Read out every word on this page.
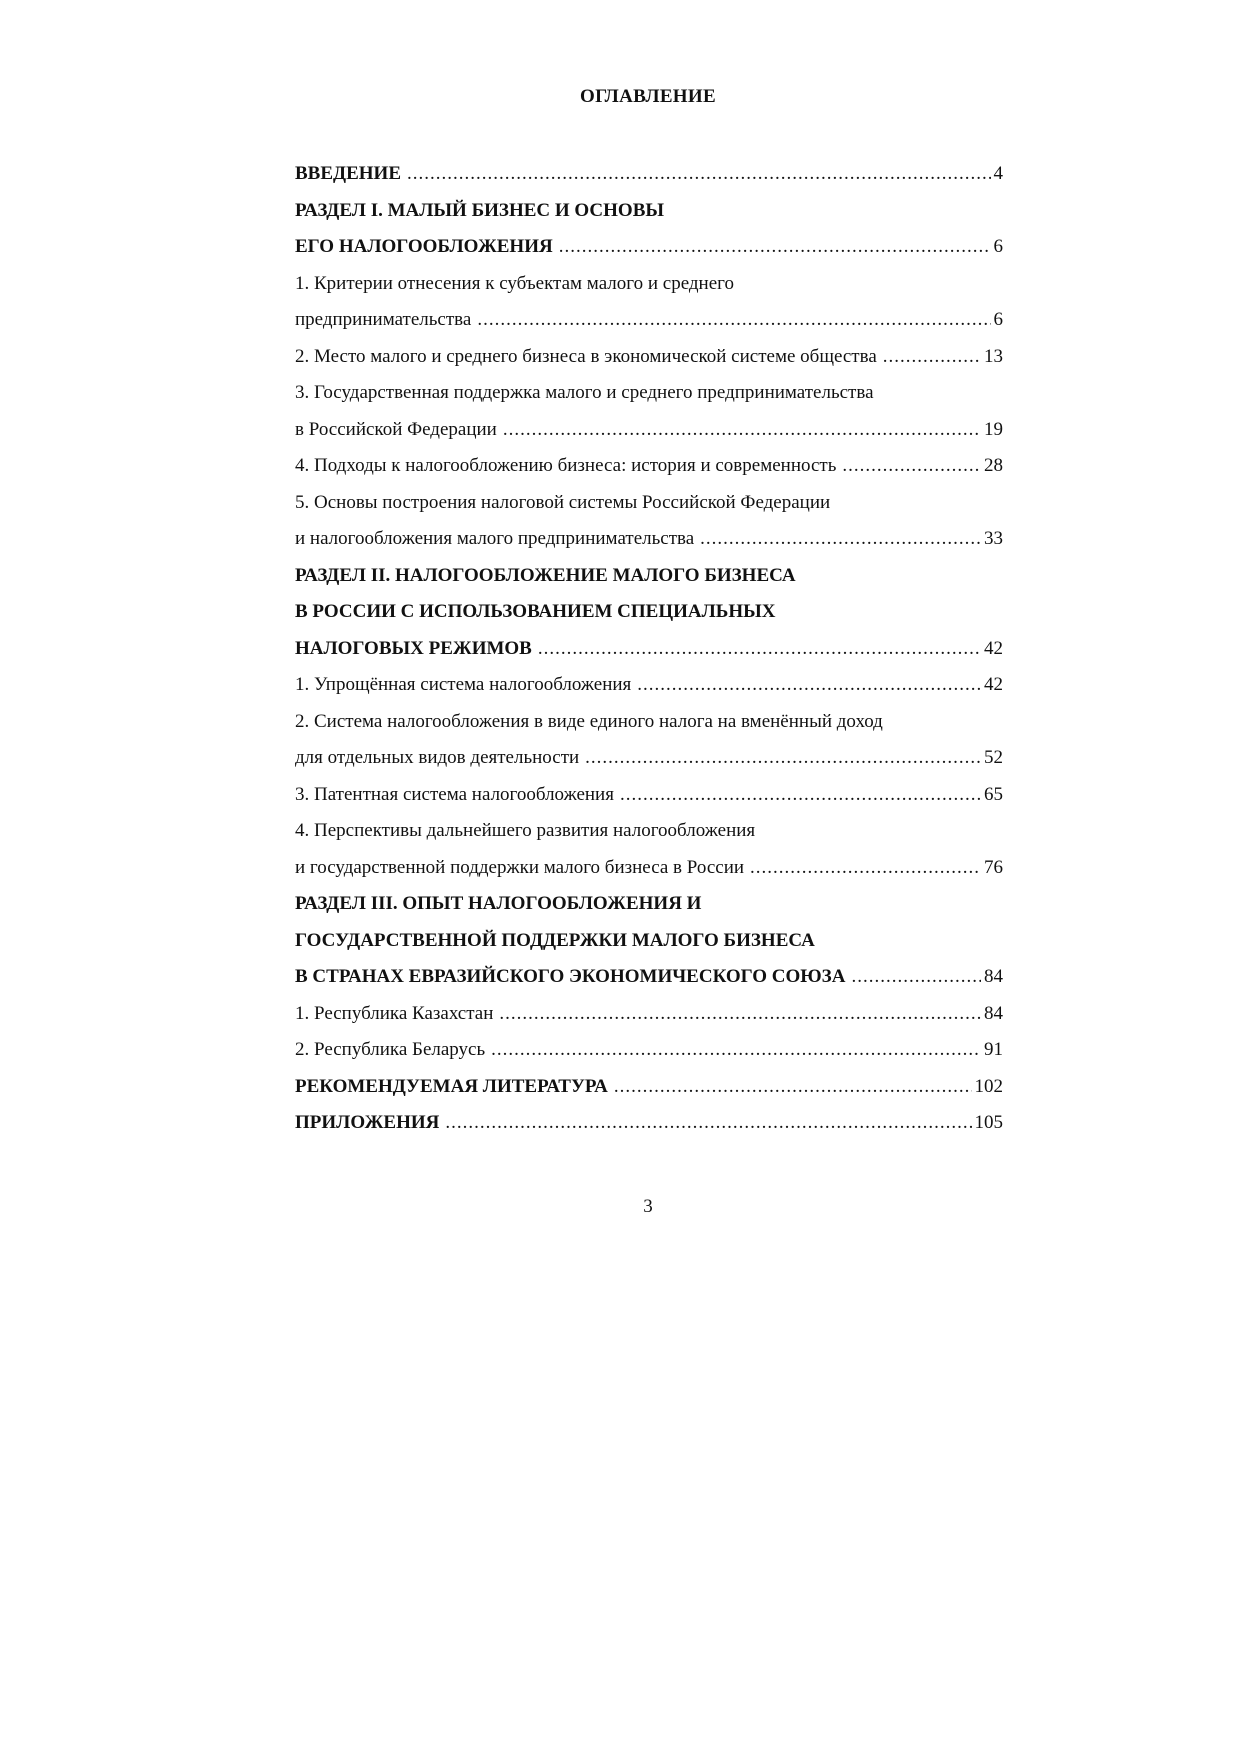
ОГЛАВЛЕНИЕ
ВВЕДЕНИЕ .....	4
РАЗДЕЛ I. МАЛЫЙ БИЗНЕС И ОСНОВЫ
ЕГО НАЛОГООБЛОЖЕНИЯ .....	6
1. Критерии отнесения к субъектам малого и среднего
предпринимательства .....	6
2. Место малого и среднего бизнеса в экономической системе общества .....	13
3. Государственная поддержка малого и среднего предпринимательства
в Российской Федерации .....	19
4. Подходы к налогообложению бизнеса: история и современность .....	28
5. Основы построения налоговой системы Российской Федерации
и налогообложения малого предпринимательства .....	33
РАЗДЕЛ II. НАЛОГООБЛОЖЕНИЕ МАЛОГО БИЗНЕСА
В РОССИИ С ИСПОЛЬЗОВАНИЕМ СПЕЦИАЛЬНЫХ
НАЛОГОВЫХ РЕЖИМОВ .....	42
1. Упрощённая система налогообложения .....	42
2. Система налогообложения в виде единого налога на вменённый доход
для отдельных видов деятельности .....	52
3. Патентная система налогообложения .....	65
4. Перспективы дальнейшего развития налогообложения
и государственной поддержки малого бизнеса в России .....	76
РАЗДЕЛ III. ОПЫТ НАЛОГООБЛОЖЕНИЯ И
ГОСУДАРСТВЕННОЙ ПОДДЕРЖКИ МАЛОГО БИЗНЕСА
В СТРАНАХ ЕВРАЗИЙСКОГО ЭКОНОМИЧЕСКОГО СОЮЗА .....	84
1. Республика Казахстан .....	84
2. Республика Беларусь .....	91
РЕКОМЕНДУЕМАЯ ЛИТЕРАТУРА .....	102
ПРИЛОЖЕНИЯ .....	105
3
